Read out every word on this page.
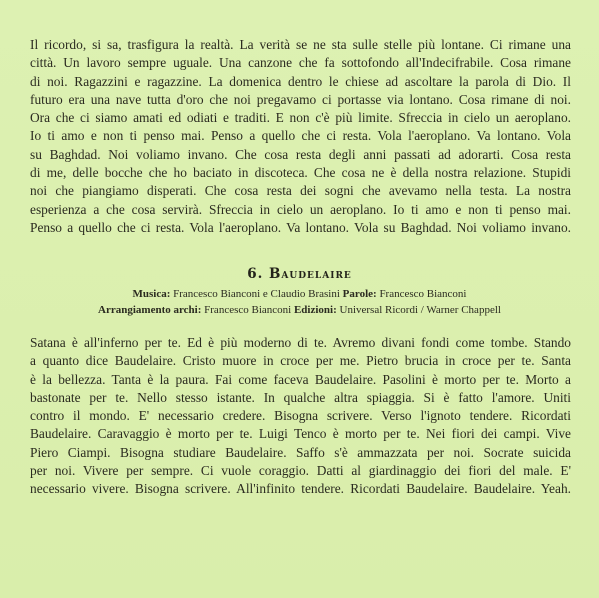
Il ricordo, si sa, trasfigura la realtà. La verità se ne sta sulle stelle più lontane. Ci rimane una
città. Un lavoro sempre uguale. Una canzone che fa sottofondo all'Indecifrabile. Cosa rimane
di noi. Ragazzini e ragazzine. La domenica dentro le chiese ad ascoltare la parola di Dio. Il
futuro era una nave tutta d'oro che noi pregavamo ci portasse via lontano. Cosa rimane di noi.
Ora che ci siamo amati ed odiati e traditi. E non c'è più limite. Sfreccia in cielo un aeroplano.
Io ti amo e non ti penso mai. Penso a quello che ci resta. Vola l'aeroplano. Va lontano. Vola
su Baghdad. Noi voliamo invano. Che cosa resta degli anni passati ad adorarti. Cosa resta
di me, delle bocche che ho baciato in discoteca. Che cosa ne è della nostra relazione. Stupidi
noi che piangiamo disperati. Che cosa resta dei sogni che avevamo nella testa. La nostra
esperienza a che cosa servirà. Sfreccia in cielo un aeroplano. Io ti amo e non ti penso mai.
Penso a quello che ci resta. Vola l'aeroplano. Va lontano. Vola su Baghdad. Noi voliamo invano.
6. Baudelaire
Musica: Francesco Bianconi e Claudio Brasini Parole: Francesco Bianconi
Arrangiamento archi: Francesco Bianconi Edizioni: Universal Ricordi / Warner Chappell
Satana è all'inferno per te. Ed è più moderno di te. Avremo divani fondi come tombe. Stando
a quanto dice Baudelaire. Cristo muore in croce per me. Pietro brucia in croce per te. Santa
è la bellezza. Tanta è la paura. Fai come faceva Baudelaire. Pasolini è morto per te. Morto a
bastonate per te. Nello stesso istante. In qualche altra spiaggia. Si è fatto l'amore. Uniti
contro il mondo. E' necessario credere. Bisogna scrivere. Verso l'ignoto tendere. Ricordati
Baudelaire. Caravaggio è morto per te. Luigi Tenco è morto per te. Nei fiori dei campi. Vive
Piero Ciampi. Bisogna studiare Baudelaire. Saffo s'è ammazzata per noi. Socrate suicida
per noi. Vivere per sempre. Ci vuole coraggio. Datti al giardinaggio dei fiori del male. E'
necessario vivere. Bisogna scrivere. All'infinito tendere. Ricordati Baudelaire. Baudelaire. Yeah.
